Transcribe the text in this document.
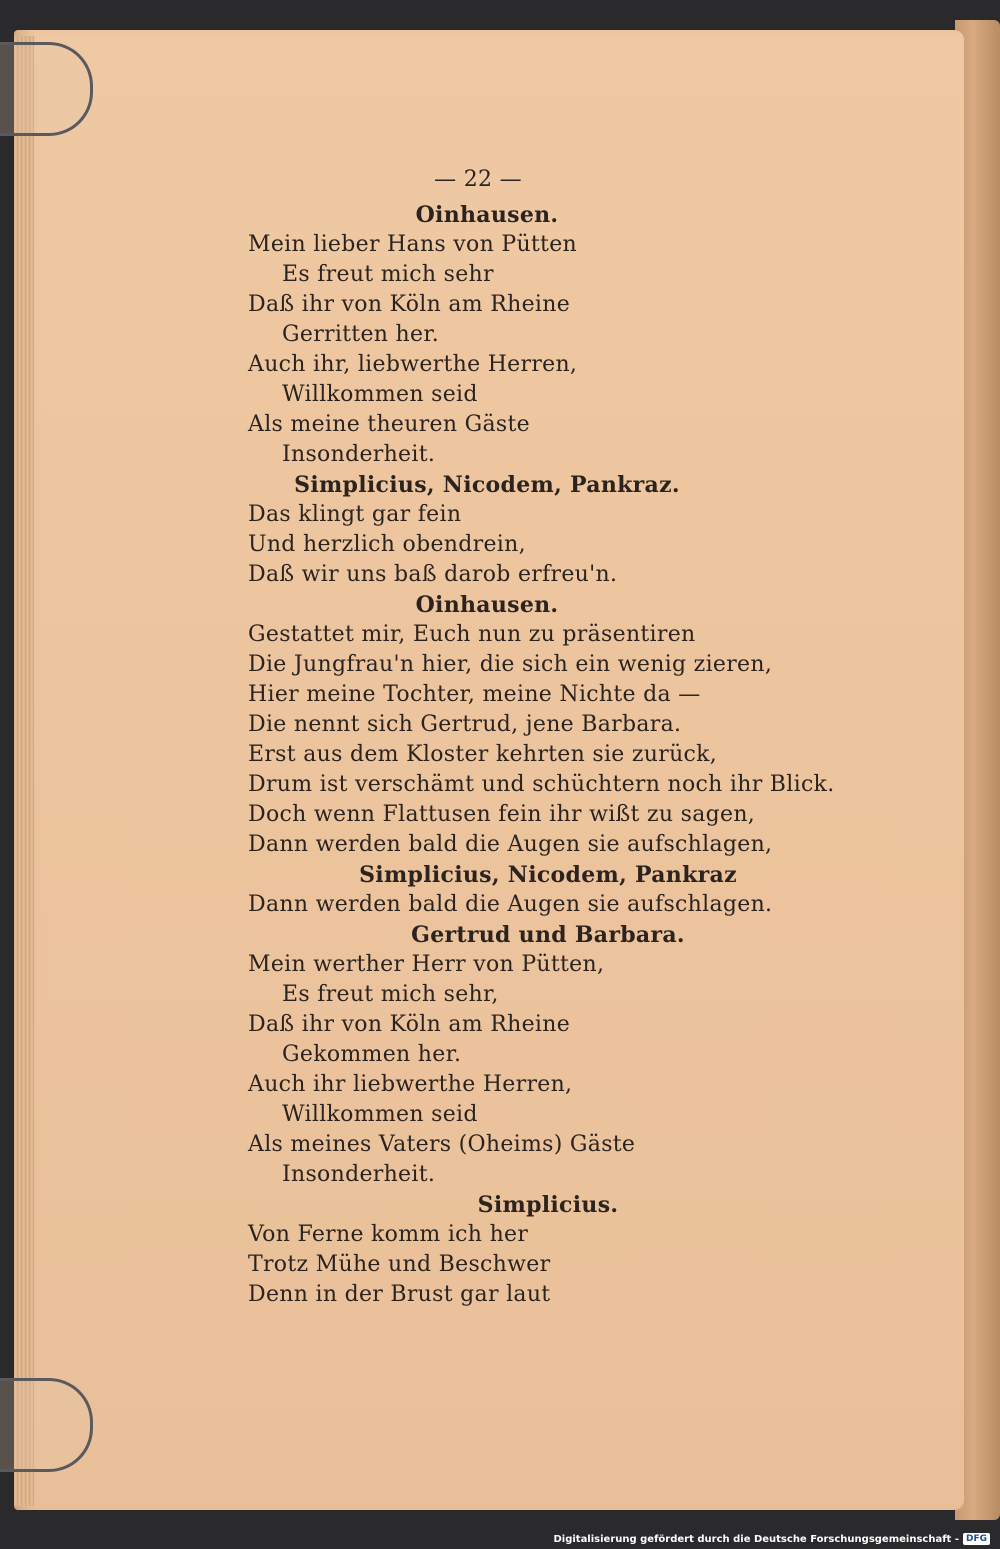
— 22 —
Oinhausen.
Mein lieber Hans von Pütten
Es freut mich sehr
Daß ihr von Köln am Rheine
Gerritten her.
Auch ihr, liebwerthe Herren,
Willkommen seid
Als meine theuren Gäste
Insonderheit.
Simplicius, Nicodem, Pankraz.
Das klingt gar fein
Und herzlich obendrein,
Daß wir uns baß darob erfreu'n.
Oinhausen.
Gestattet mir, Euch nun zu präsentiren
Die Jungfrau'n hier, die sich ein wenig zieren,
Hier meine Tochter, meine Nichte da —
Die nennt sich Gertrud, jene Barbara.
Erst aus dem Kloster kehrten sie zurück,
Drum ist verschämt und schüchtern noch ihr Blick.
Doch wenn Flattusen fein ihr wißt zu sagen,
Dann werden bald die Augen sie aufschlagen,
Simplicius, Nicodem, Pankraz
Dann werden bald die Augen sie aufschlagen.
Gertrud und Barbara.
Mein werther Herr von Pütten,
Es freut mich sehr,
Daß ihr von Köln am Rheine
Gekommen her.
Auch ihr liebwerthe Herren,
Willkommen seid
Als meines Vaters (Oheims) Gäste
Insonderheit.
Simplicius.
Von Ferne komm ich her
Trotz Mühe und Beschwer
Denn in der Brust gar laut
Digitalisierung gefördert durch die Deutsche Forschungsgemeinschaft - DFG
